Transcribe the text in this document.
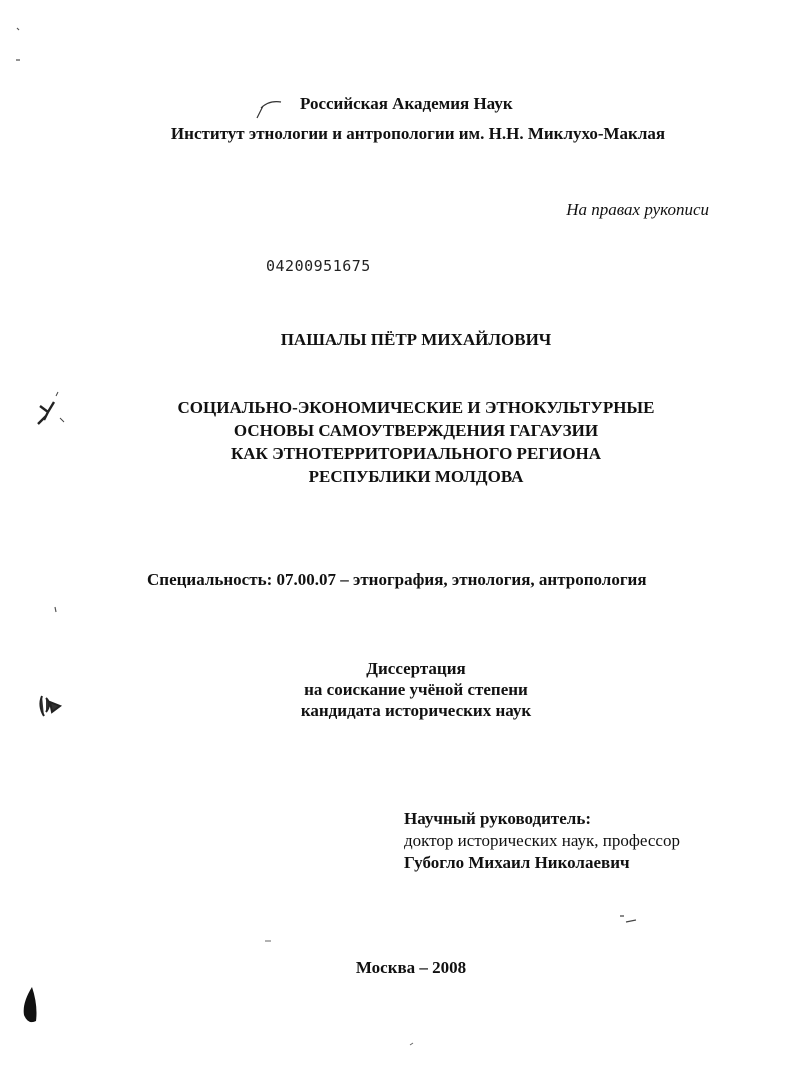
Российская Академия Наук

Институт этнологии и антропологии им. Н.Н. Миклухо-Маклая

На правах рукописи

04200951675

ПАШАЛЫ ПЁТР МИХАЙЛОВИЧ

СОЦИАЛЬНО-ЭКОНОМИЧЕСКИЕ И ЭТНОКУЛЬТУРНЫЕ
ОСНОВЫ САМОУТВЕРЖДЕНИЯ ГАГАУЗИИ
КАК ЭТНОТЕРРИТОРИАЛЬНОГО РЕГИОНА
РЕСПУБЛИКИ МОЛДОВА

Специальность: 07.00.07 – этнография, этнология, антропология

Диссертация
на соискание учёной степени
кандидата исторических наук
Научный руководитель:
доктор исторических наук, профессор
Губогло Михаил Николаевич

Москва – 2008
